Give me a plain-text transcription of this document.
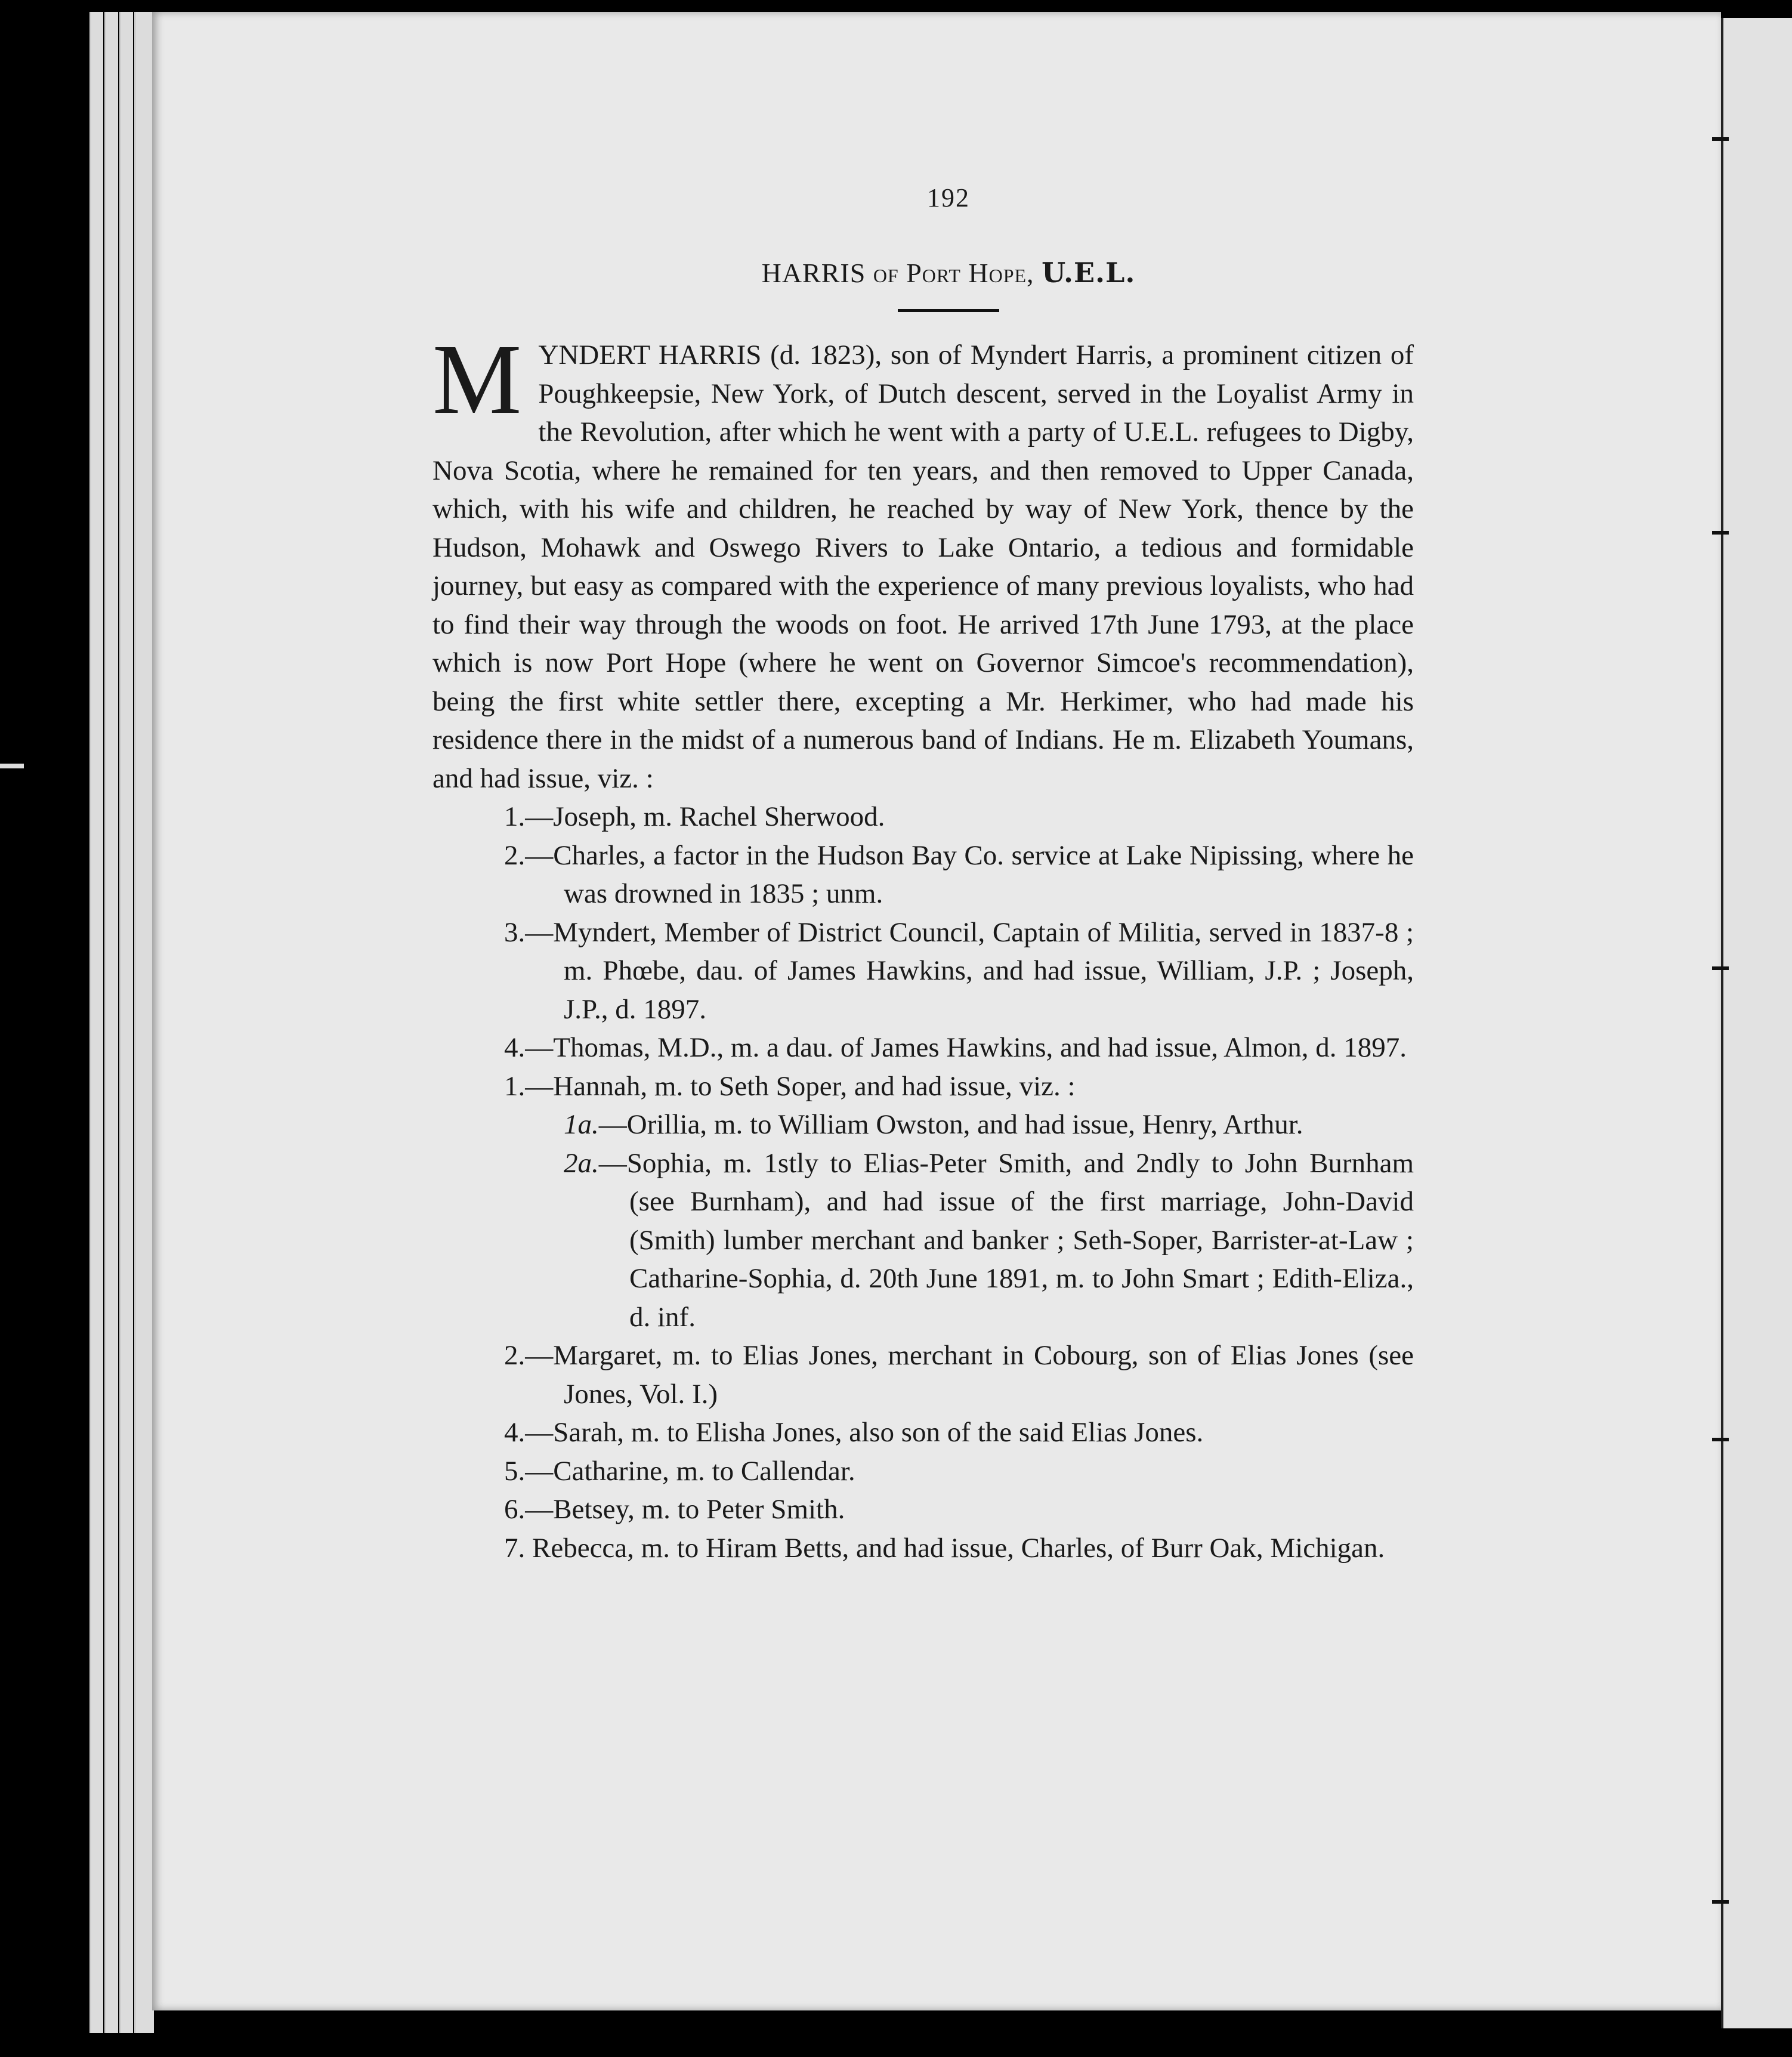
192
HARRIS of Port Hope, U.E.L.
MYNDERT HARRIS (d. 1823), son of Myndert Harris, a prominent citizen of Poughkeepsie, New York, of Dutch descent, served in the Loyalist Army in the Revolution, after which he went with a party of U.E.L. refugees to Digby, Nova Scotia, where he remained for ten years, and then removed to Upper Canada, which, with his wife and children, he reached by way of New York, thence by the Hudson, Mohawk and Oswego Rivers to Lake Ontario, a tedious and formidable journey, but easy as compared with the experience of many previous loyalists, who had to find their way through the woods on foot. He arrived 17th June 1793, at the place which is now Port Hope (where he went on Governor Simcoe's recommendation), being the first white settler there, excepting a Mr. Herkimer, who had made his residence there in the midst of a numerous band of Indians. He m. Elizabeth Youmans, and had issue, viz. :
1.—Joseph, m. Rachel Sherwood.
2.—Charles, a factor in the Hudson Bay Co. service at Lake Nipissing, where he was drowned in 1835 ; unm.
3.—Myndert, Member of District Council, Captain of Militia, served in 1837-8 ; m. Phœbe, dau. of James Hawkins, and had issue, William, J.P. ; Joseph, J.P., d. 1897.
4.—Thomas, M.D., m. a dau. of James Hawkins, and had issue, Almon, d. 1897.
1.—Hannah, m. to Seth Soper, and had issue, viz. :
1a.—Orillia, m. to William Owston, and had issue, Henry, Arthur.
2a.—Sophia, m. 1stly to Elias-Peter Smith, and 2ndly to John Burnham (see Burnham), and had issue of the first marriage, John-David (Smith) lumber merchant and banker ; Seth-Soper, Barrister-at-Law ; Catharine-Sophia, d. 20th June 1891, m. to John Smart ; Edith-Eliza., d. inf.
2.—Margaret, m. to Elias Jones, merchant in Cobourg, son of Elias Jones (see Jones, Vol. I.)
4.—Sarah, m. to Elisha Jones, also son of the said Elias Jones.
5.—Catharine, m. to Callendar.
6.—Betsey, m. to Peter Smith.
7. Rebecca, m. to Hiram Betts, and had issue, Charles, of Burr Oak, Michigan.
